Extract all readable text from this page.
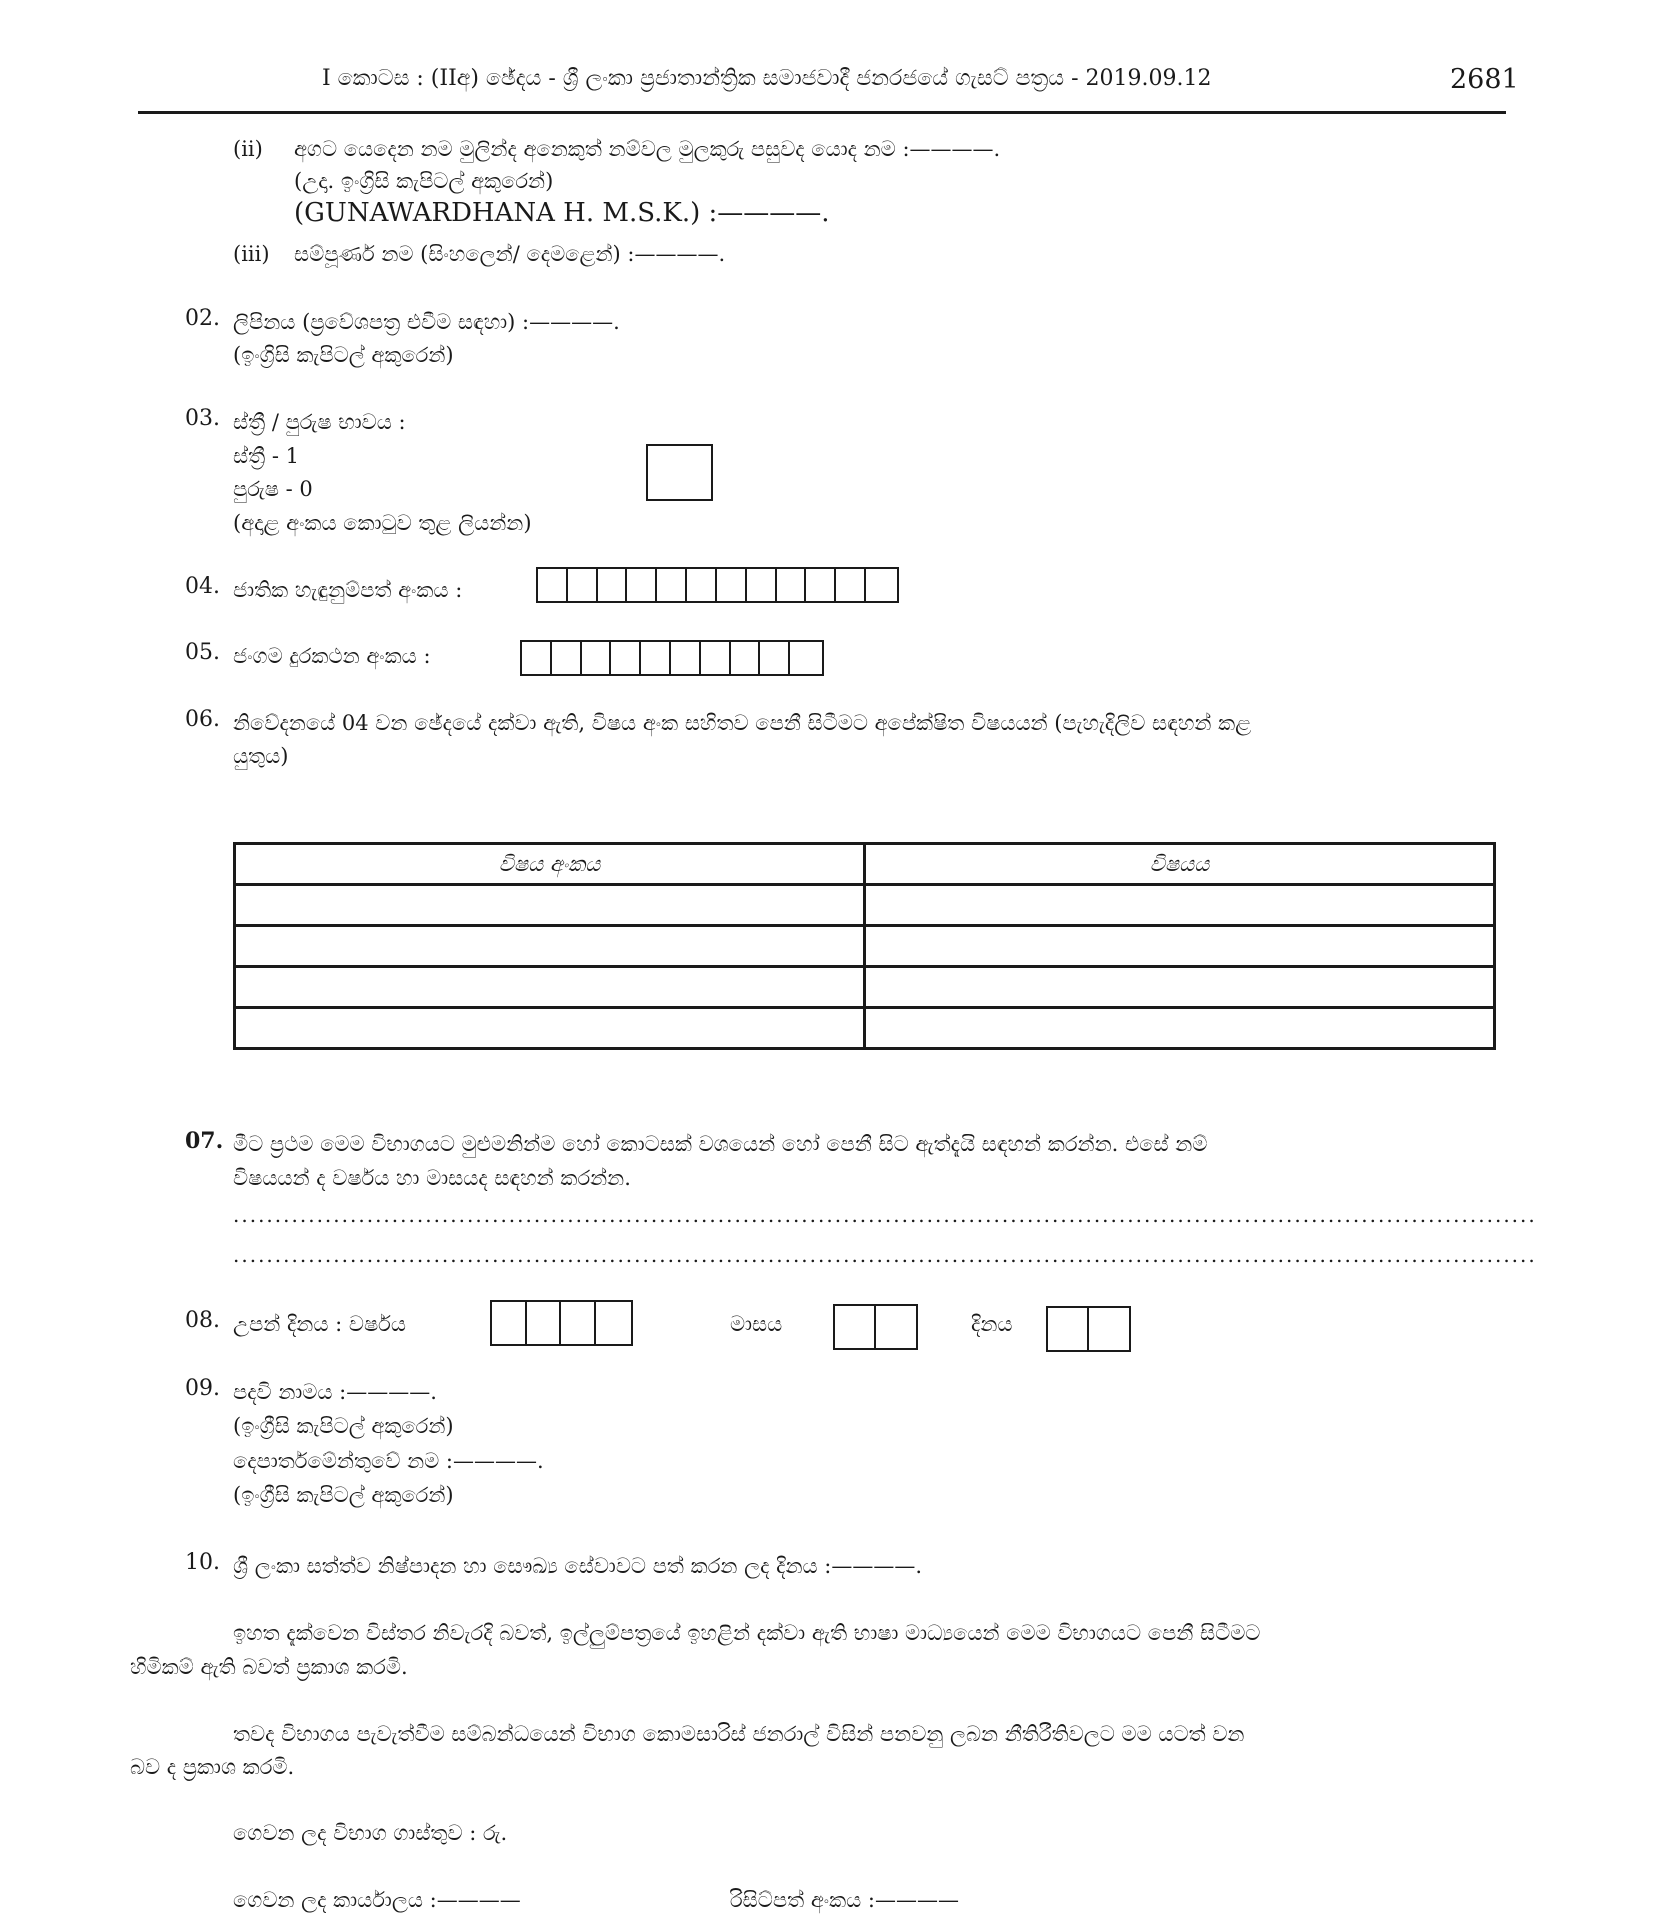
I කොටස : (IIඅ) ඡේදය - ශ්‍රී ලංකා ප්‍රජාතාන්ත්‍රික සමාජවාදී ජනරජයේ ගැසට් පත්‍රය - 2019.09.12	2681
(ii) අගට යෙදෙන නම මුලින්ද අනෙකුත් නම්වල මුලකුරු පසුවද යොද නම :————.
(උදා. ඉංග්‍රිසි කැපිටල් අකුරෙන්)
(GUNAWARDHANA H. M.S.K.) :————.
(iii) සම්පූර්ණ නම (සිංහලෙන්/ දෙමළෙන්) :————.
02. ලිපිනය (ප්‍රවේශපත්‍ර එවීම සඳහා) :————.
(ඉංග්‍රිසි කැපිටල් අකුරෙන්)
03. ස්ත්‍රී / පුරුෂ භාවය :
ස්ත්‍රී - 1
පුරුෂ - 0
(අදාළ අංකය කොටුව තුළ ලියන්න)
04. ජාතික හැඳුනුම්පත් අංකය :
05. ජංගම දුරකථන අංකය :
06. නිවේදනයේ 04 වන ඡේදයේ දක්වා ඇති, විෂය අංක සහිතව පෙනී සිටීමට අපේක්ෂිත විෂයයන් (පැහැදිලිව සඳහන් කළ
යුතුය)
විෂය අංකය	විෂයය

07. මීට ප්‍රථම මෙම විභාගයට මුළුමනින්ම හෝ කොටසක් වශයෙන් හෝ පෙනී සිට ඇත්දැයි සඳහන් කරන්න. එසේ නම්
විෂයයන් ද වර්ෂය හා මාසයද සඳහන් කරන්න.
............................................................................................................................................................
............................................................................................................................................................
08. උපන් දිනය : වර්ෂය	මාසය	දිනය
09. පදවි නාමය :————.
(ඉංග්‍රීසි කැපිටල් අකුරෙන්)
දෙපාර්තමේන්තුවේ නම :————.
(ඉංග්‍රීසි කැපිටල් අකුරෙන්)
10. ශ්‍රී ලංකා සත්ත්ව නිෂ්පාදන හා සෞඛ්‍ය සේවාවට පත් කරන ලද දිනය :————.
ඉහත දැක්වෙන විස්තර නිවැරදි බවත්, ඉල්ලුම්පත්‍රයේ ඉහළින් දක්වා ඇති භාෂා මාධ්‍යයෙන් මෙම විභාගයට පෙනී සිටීමට
හිමිකම් ඇති බවත් ප්‍රකාශ කරමි.
තවද විභාගය පැවැත්වීම සම්බන්ධයෙන් විභාග කොමසාරිස් ජනරාල් විසින් පනවනු ලබන නීතිරීතිවලට මම යටත් වන
බව ද ප්‍රකාශ කරමි.
ගෙවන ලද විභාග ගාස්තුව : රු.
ගෙවන ලද කාර්යාලය :————	රිසිට්පත් අංකය :————
